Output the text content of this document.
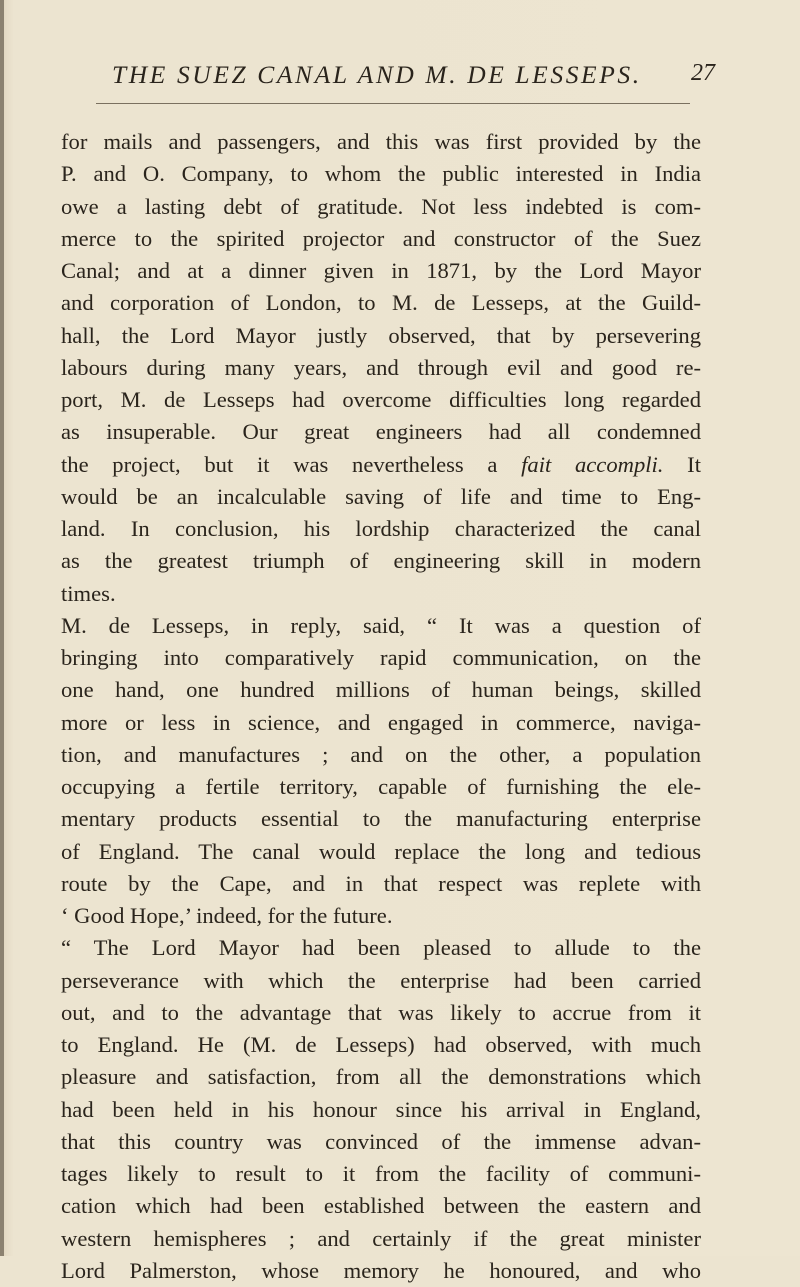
THE SUEZ CANAL AND M. DE LESSEPS. 27
for mails and passengers, and this was first provided by the
P. and O. Company, to whom the public interested in India
owe a lasting debt of gratitude. Not less indebted is com-
merce to the spirited projector and constructor of the Suez
Canal; and at a dinner given in 1871, by the Lord Mayor
and corporation of London, to M. de Lesseps, at the Guild-
hall, the Lord Mayor justly observed, that by persevering
labours during many years, and through evil and good re-
port, M. de Lesseps had overcome difficulties long regarded
as insuperable. Our great engineers had all condemned
the project, but it was nevertheless a fait accompli. It
would be an incalculable saving of life and time to Eng-
land. In conclusion, his lordship characterized the canal
as the greatest triumph of engineering skill in modern
times.
M. de Lesseps, in reply, said, “ It was a question of
bringing into comparatively rapid communication, on the
one hand, one hundred millions of human beings, skilled
more or less in science, and engaged in commerce, naviga-
tion, and manufactures ; and on the other, a population
occupying a fertile territory, capable of furnishing the ele-
mentary products essential to the manufacturing enterprise
of England. The canal would replace the long and tedious
route by the Cape, and in that respect was replete with
‘ Good Hope,’ indeed, for the future.
“ The Lord Mayor had been pleased to allude to the
perseverance with which the enterprise had been carried
out, and to the advantage that was likely to accrue from it
to England. He (M. de Lesseps) had observed, with much
pleasure and satisfaction, from all the demonstrations which
had been held in his honour since his arrival in England,
that this country was convinced of the immense advan-
tages likely to result to it from the facility of communi-
cation which had been established between the eastern and
western hemispheres ; and certainly if the great minister
Lord Palmerston, whose memory he honoured, and who
